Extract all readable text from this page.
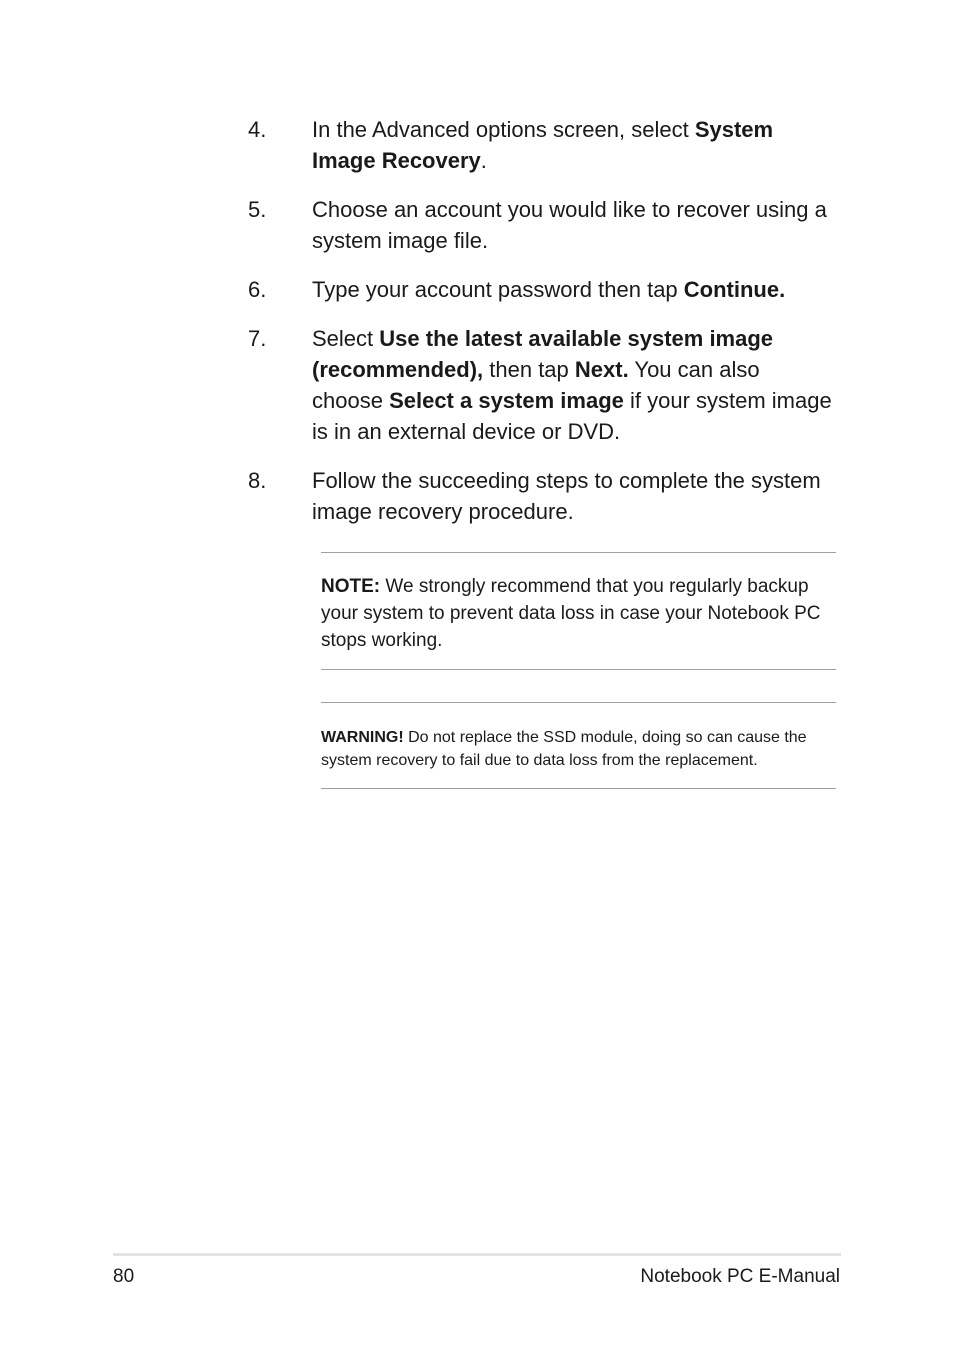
4.	In the Advanced options screen, select System Image Recovery.
5.	Choose an account you would like to recover using a system image file.
6.	Type your account password then tap Continue.
7.	Select Use the latest available system image (recommended), then tap Next. You can also choose Select a system image if your system image is in an external device or DVD.
8.	Follow the succeeding steps to complete the system image recovery procedure.
NOTE: We strongly recommend that you regularly backup your system to prevent data loss in case your Notebook PC stops working.
WARNING! Do not replace the SSD module, doing so can cause the system recovery to fail due to data loss from the replacement.
80	Notebook PC E-Manual
